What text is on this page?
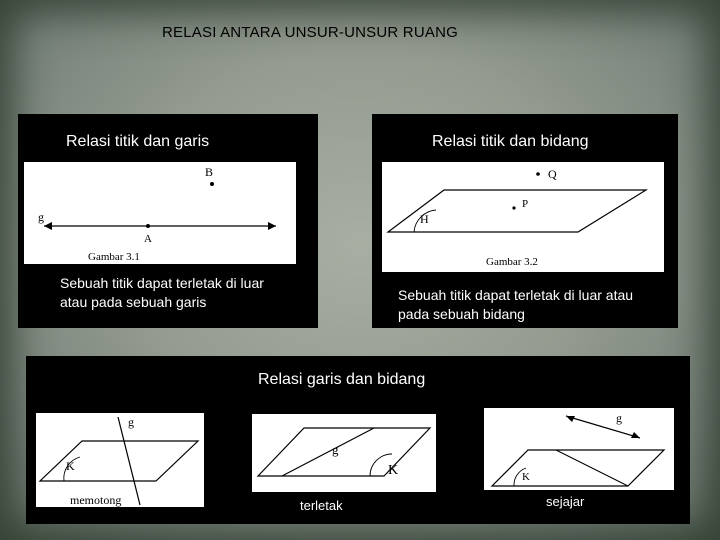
RELASI ANTARA UNSUR-UNSUR RUANG
Relasi titik dan garis
B
A
g
Gambar 3.1
Sebuah titik dapat terletak di luar atau pada sebuah garis
Relasi titik dan bidang
Q
P
H
Gambar 3.2
Sebuah titik dapat terletak di luar atau pada sebuah bidang
Relasi garis dan bidang
g
K
memotong
g
K
terletak
g
K
sejajar
